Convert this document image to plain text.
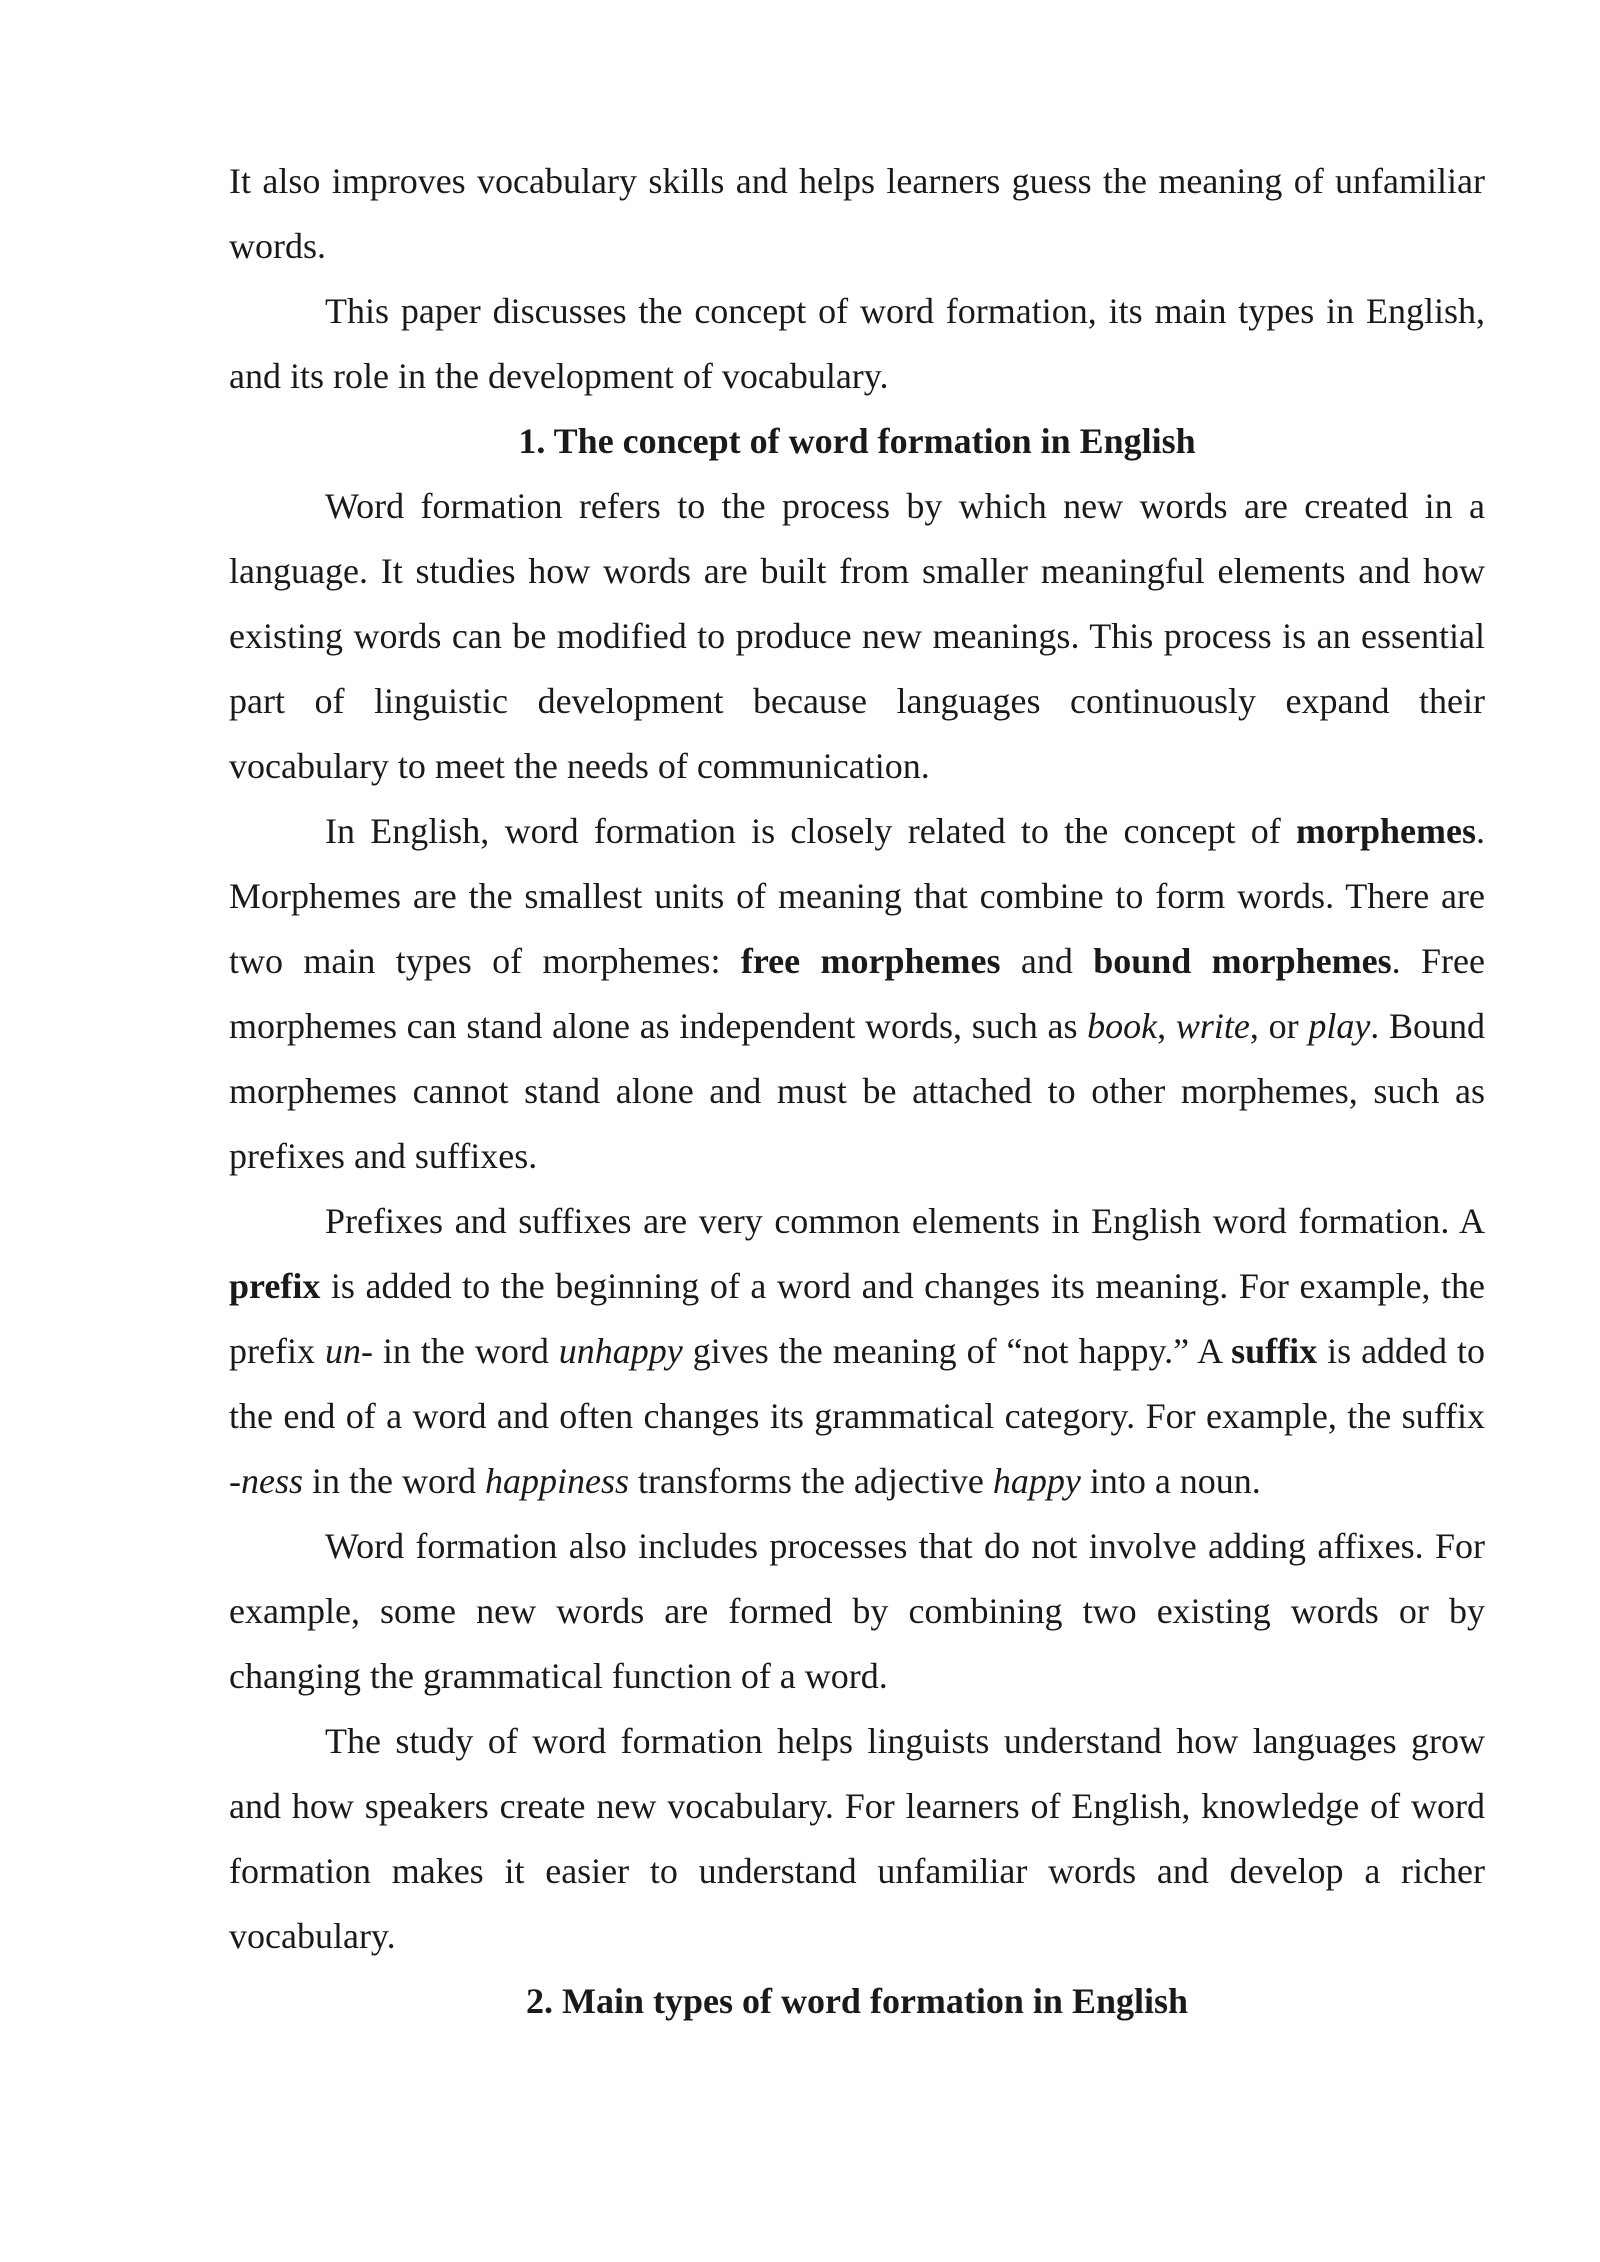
It also improves vocabulary skills and helps learners guess the meaning of unfamiliar words.

This paper discusses the concept of word formation, its main types in English, and its role in the development of vocabulary.

1. The concept of word formation in English

Word formation refers to the process by which new words are created in a language. It studies how words are built from smaller meaningful elements and how existing words can be modified to produce new meanings. This process is an essential part of linguistic development because languages continuously expand their vocabulary to meet the needs of communication.

In English, word formation is closely related to the concept of morphemes. Morphemes are the smallest units of meaning that combine to form words. There are two main types of morphemes: free morphemes and bound morphemes. Free morphemes can stand alone as independent words, such as book, write, or play. Bound morphemes cannot stand alone and must be attached to other morphemes, such as prefixes and suffixes.

Prefixes and suffixes are very common elements in English word formation. A prefix is added to the beginning of a word and changes its meaning. For example, the prefix un- in the word unhappy gives the meaning of “not happy.” A suffix is added to the end of a word and often changes its grammatical category. For example, the suffix -ness in the word happiness transforms the adjective happy into a noun.

Word formation also includes processes that do not involve adding affixes. For example, some new words are formed by combining two existing words or by changing the grammatical function of a word.

The study of word formation helps linguists understand how languages grow and how speakers create new vocabulary. For learners of English, knowledge of word formation makes it easier to understand unfamiliar words and develop a richer vocabulary.

2. Main types of word formation in English
